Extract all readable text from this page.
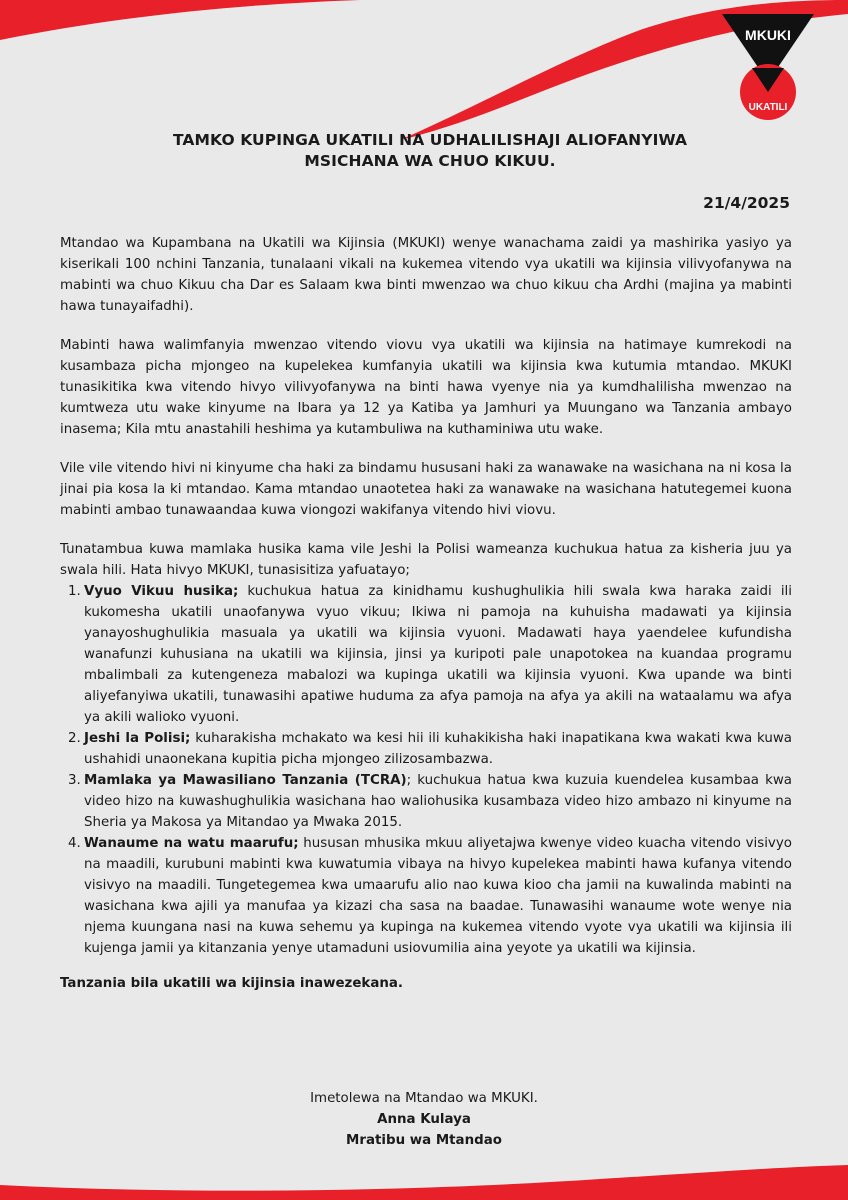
MKUKI
UKATILI
TAMKO KUPINGA UKATILI NA UDHALILISHAJI ALIOFANYIWA
MSICHANA WA CHUO KIKUU.
21/4/2025

Mtandao wa Kupambana na Ukatili wa Kijinsia (MKUKI) wenye wanachama zaidi ya mashirika yasiyo ya kiserikali 100 nchini Tanzania, tunalaani vikali na kukemea vitendo vya ukatili wa kijinsia vilivyofanywa na mabinti wa chuo Kikuu cha Dar es Salaam kwa binti mwenzao wa chuo kikuu cha Ardhi (majina ya mabinti hawa tunayaifadhi).

Mabinti hawa walimfanyia mwenzao vitendo viovu vya ukatili wa kijinsia na hatimaye kumrekodi na kusambaza picha mjongeo na kupelekea kumfanyia ukatili wa kijinsia kwa kutumia mtandao. MKUKI tunasikitika kwa vitendo hivyo vilivyofanywa na binti hawa vyenye nia ya kumdhalilisha mwenzao na kumtweza utu wake kinyume na Ibara ya 12 ya Katiba ya Jamhuri ya Muungano wa Tanzania ambayo inasema; Kila mtu anastahili heshima ya kutambuliwa na kuthaminiwa utu wake.

Vile vile vitendo hivi ni kinyume cha haki za bindamu hususani haki za wanawake na wasichana na ni kosa la jinai pia kosa la ki mtandao. Kama mtandao unaotetea haki za wanawake na wasichana hatutegemei kuona mabinti ambao tunawaandaa kuwa viongozi wakifanya vitendo hivi viovu.

Tunatambua kuwa mamlaka husika kama vile Jeshi la Polisi wameanza kuchukua hatua za kisheria juu ya swala hili. Hata hivyo MKUKI, tunasisitiza yafuatayo;

1. Vyuo Vikuu husika; kuchukua hatua za kinidhamu kushughulikia hili swala kwa haraka zaidi ili kukomesha ukatili unaofanywa vyuo vikuu; Ikiwa ni pamoja na kuhuisha madawati ya kijinsia yanayoshughulikia masuala ya ukatili wa kijinsia vyuoni. Madawati haya yaendelee kufundisha wanafunzi kuhusiana na ukatili wa kijinsia, jinsi ya kuripoti pale unapotokea na kuandaa programu mbalimbali za kutengeneza mabalozi wa kupinga ukatili wa kijinsia vyuoni. Kwa upande wa binti aliyefanyiwa ukatili, tunawasihi apatiwe huduma za afya pamoja na afya ya akili na wataalamu wa afya ya akili walioko vyuoni.
2. Jeshi la Polisi; kuharakisha mchakato wa kesi hii ili kuhakikisha haki inapatikana kwa wakati kwa kuwa ushahidi unaonekana kupitia picha mjongeo zilizosambazwa.
3. Mamlaka ya Mawasiliano Tanzania (TCRA); kuchukua hatua kwa kuzuia kuendelea kusambaa kwa video hizo na kuwashughulikia wasichana hao waliohusika kusambaza video hizo ambazo ni kinyume na Sheria ya Makosa ya Mitandao ya Mwaka 2015.
4. Wanaume na watu maarufu; hususan mhusika mkuu aliyetajwa kwenye video kuacha vitendo visivyo na maadili, kurubuni mabinti kwa kuwatumia vibaya na hivyo kupelekea mabinti hawa kufanya vitendo visivyo na maadili. Tungetegemea kwa umaarufu alio nao kuwa kioo cha jamii na kuwalinda mabinti na wasichana kwa ajili ya manufaa ya kizazi cha sasa na baadae. Tunawasihi wanaume wote wenye nia njema kuungana nasi na kuwa sehemu ya kupinga na kukemea vitendo vyote vya ukatili wa kijinsia ili kujenga jamii ya kitanzania yenye utamaduni usiovumilia aina yeyote ya ukatili wa kijinsia.

Tanzania bila ukatili wa kijinsia inawezekana.

Imetolewa na Mtandao wa MKUKI.
Anna Kulaya
Mratibu wa Mtandao
